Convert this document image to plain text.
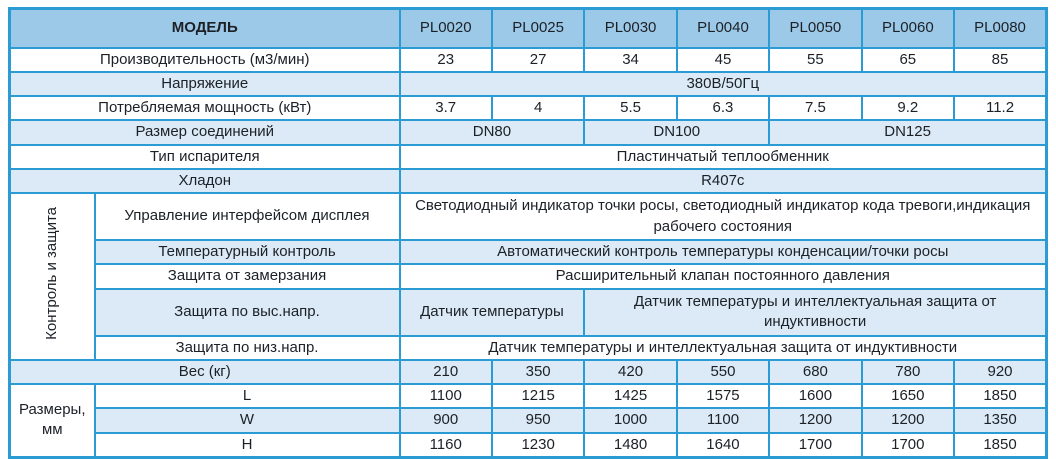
МОДЕЛЬ		PL0020	PL0025	PL0030	PL0040	PL0050	PL0060	PL0080
Производительность (м3/мин)		23	27	34	45	55	65	85
Напряжение		380В/50Гц						
Потребляемая мощность (кВт)		3.7	4	5.5	6.3	7.5	9.2	11.2
Размер соединений		DN80		DN100		DN125		
Тип испарителя		Пластинчатый теплообменник						
Хладон		R407c						
Контроль и защита	Управление интерфейсом дисплея	Светодиодный индикатор точки росы, светодиодный индикатор кода тревоги,индикация рабочего состояния						
	Температурный контроль	Автоматический контроль температуры конденсации/точки росы						
	Защита от замерзания	Расширительный клапан постоянного давления						
	Защита по выс.напр.	Датчик температуры		Датчик температуры и интеллектуальная защита от индуктивности				
	Защита по низ.напр.	Датчик температуры и интеллектуальная защита от индуктивности						
Вес (кг)		210	350	420	550	680	780	920
Размеры,мм	L	1100	1215	1425	1575	1600	1650	1850
	W	900	950	1000	1100	1200	1200	1350
	H	1160	1230	1480	1640	1700	1700	1850
